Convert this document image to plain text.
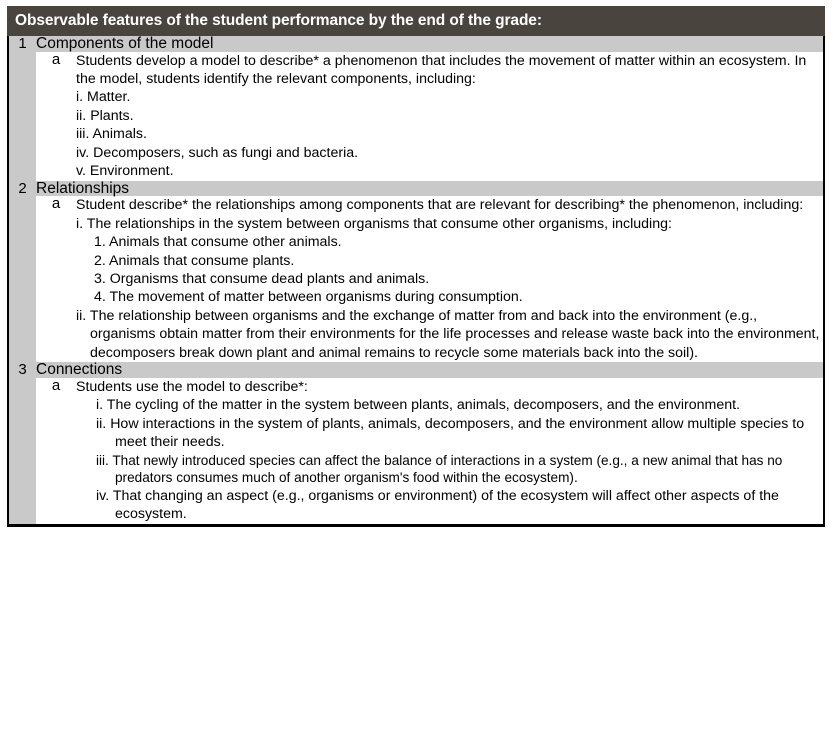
Observable features of the student performance by the end of the grade:
1	Components of the model	
	a	Students develop a model to describe* a phenomenon that includes the movement of matter within an ecosystem. In the model, students identify the relevant components, including:
		i. Matter.
		ii. Plants.
		iii. Animals.
		iv. Decomposers, such as fungi and bacteria.
		v. Environment.
2	Relationships	
	a	Student describe* the relationships among components that are relevant for describing* the phenomenon, including:

		i. The relationships in the system between organisms that consume other organisms, including:

		1. Animals that consume other animals.

		2. Animals that consume plants.

		3. Organisms that consume dead plants and animals.

		4. The movement of matter between organisms during consumption.

		ii. The relationship between organisms and the exchange of matter from and back into the environment (e.g., organisms obtain matter from their environments for the life processes and release waste back into the environment, decomposers break down plant and animal remains to recycle some materials back into the soil).

3	Connections	
	a	Students use the model to describe*:

		i. The cycling of the matter in the system between plants, animals, decomposers, and the environment.

		ii. How interactions in the system of plants, animals, decomposers, and the environment allow multiple species to meet their needs.

		iii. That newly introduced species can affect the balance of interactions in a system (e.g., a new animal that has no predators consumes much of another organism's food within the ecosystem).

		iv. That changing an aspect (e.g., organisms or environment) of the ecosystem will affect other aspects of the ecosystem.
